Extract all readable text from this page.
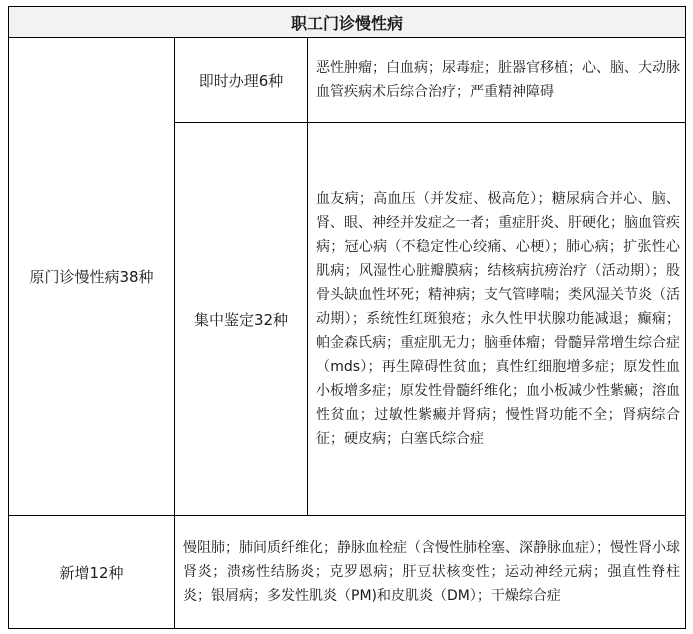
职工门诊慢性病		
原门诊慢性病38种	即时办理6种	恶性肿瘤；白血病；尿毒症；脏器官移植；心、脑、大动脉血管疾病术后综合治疗；严重精神障碍
	集中鉴定32种	血友病；高血压（并发症、极高危）；糖尿病合并心、脑、肾、眼、神经并发症之一者；重症肝炎、肝硬化；脑血管疾病；冠心病（不稳定性心绞痛、心梗）；肺心病；扩张性心肌病；风湿性心脏瓣膜病；结核病抗痨治疗（活动期）；股骨头缺血性坏死；精神病；支气管哮喘；类风湿关节炎（活动期）；系统性红斑狼疮；永久性甲状腺功能减退；癫痫；帕金森氏病；重症肌无力；脑垂体瘤；骨髓异常增生综合症（mds）；再生障碍性贫血；真性红细胞增多症；原发性血小板增多症；原发性骨髓纤维化；血小板减少性紫癜；溶血性贫血；过敏性紫癜并肾病；慢性肾功能不全；肾病综合征；硬皮病；白塞氏综合症
新增12种	慢阻肺；肺间质纤维化；静脉血栓症（含慢性肺栓塞、深静脉血症）；慢性肾小球肾炎；溃疡性结肠炎；克罗恩病；肝豆状核变性；运动神经元病；强直性脊柱炎；银屑病；多发性肌炎（PM)和皮肌炎（DM）；干燥综合症	
